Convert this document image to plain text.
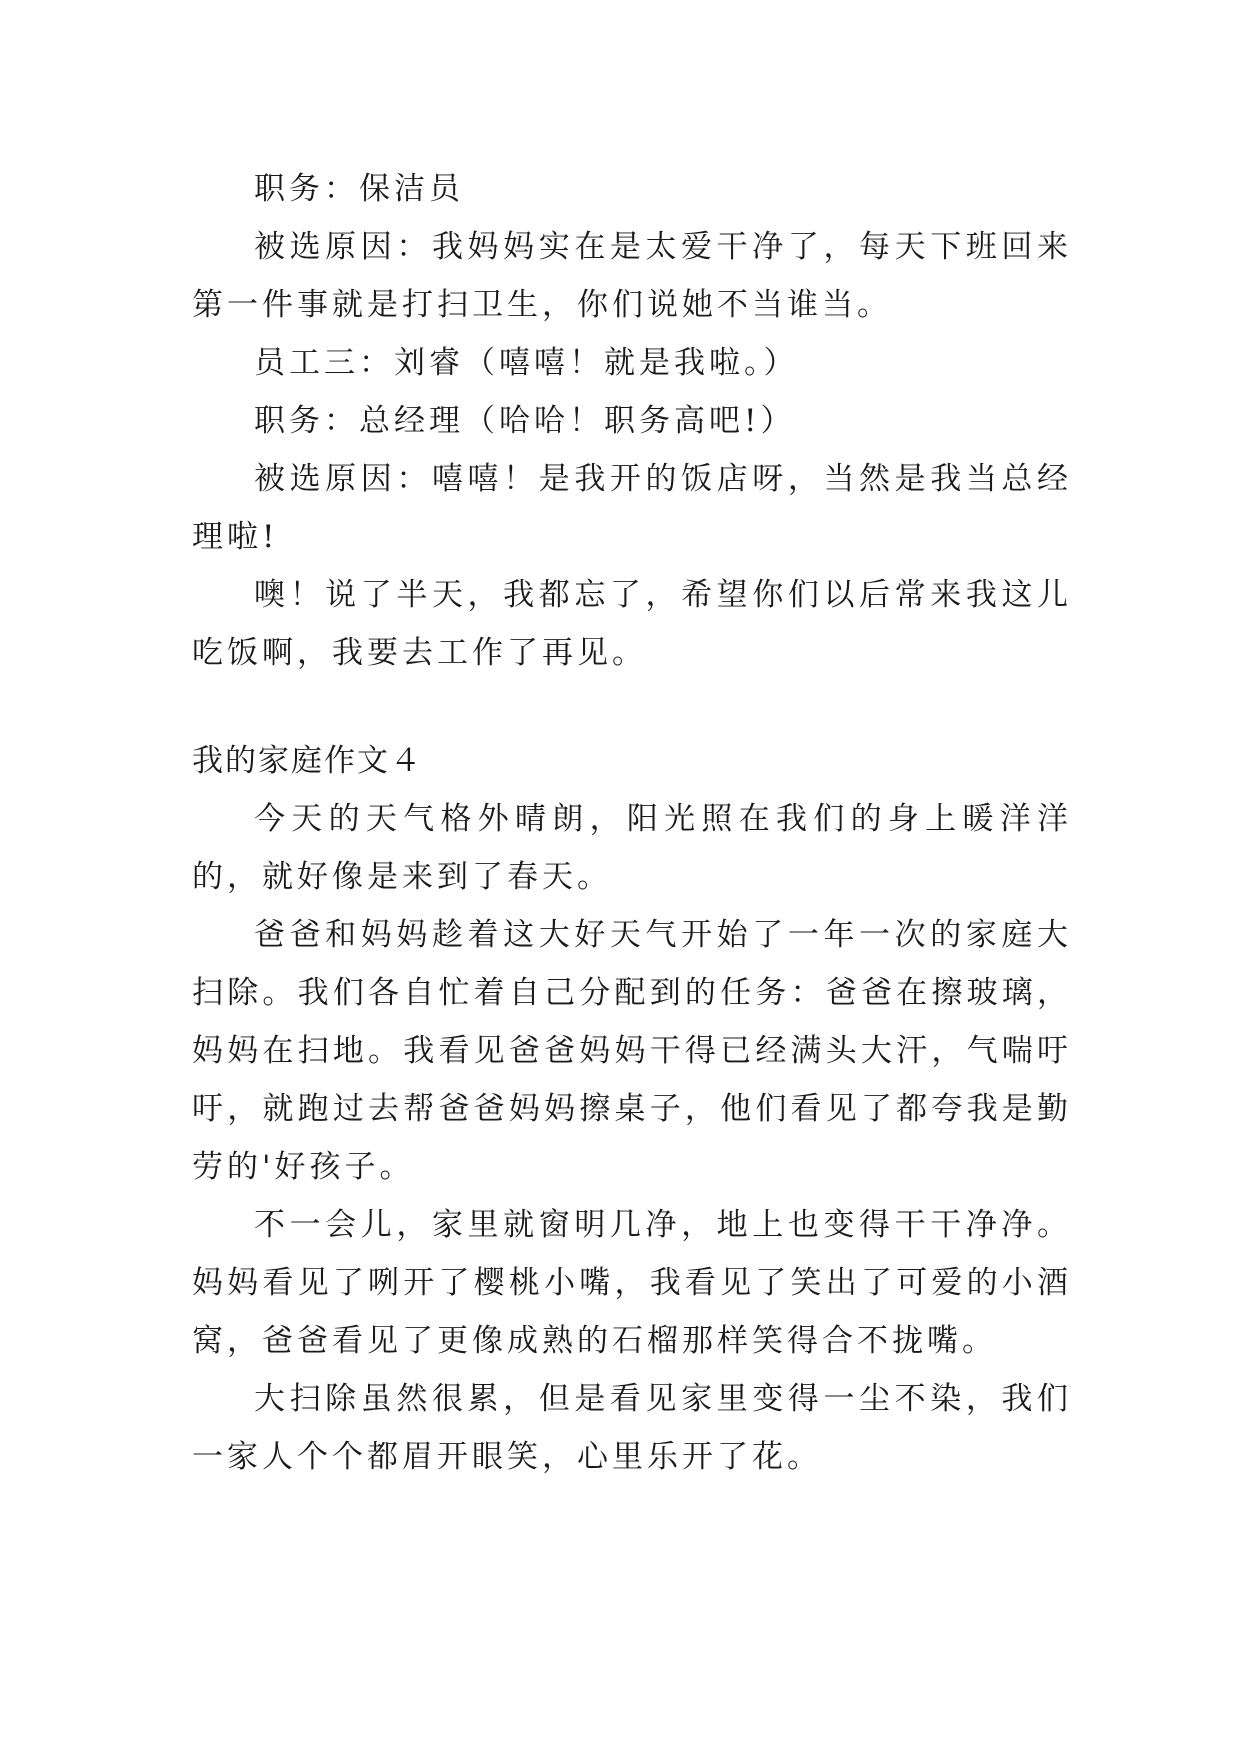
职务：保洁员

被选原因：我妈妈实在是太爱干净了，每天下班回来第一件事就是打扫卫生，你们说她不当谁当。

员工三：刘睿（嘻嘻！就是我啦。）

职务：总经理（哈哈！职务高吧!）

被选原因：嘻嘻！是我开的饭店呀，当然是我当总经理啦!

噢！说了半天，我都忘了，希望你们以后常来我这儿吃饭啊，我要去工作了再见。

我的家庭作文４

今天的天气格外晴朗，阳光照在我们的身上暖洋洋的，就好像是来到了春天。

爸爸和妈妈趁着这大好天气开始了一年一次的家庭大扫除。我们各自忙着自己分配到的任务：爸爸在擦玻璃，妈妈在扫地。我看见爸爸妈妈干得已经满头大汗，气喘吁吁，就跑过去帮爸爸妈妈擦桌子，他们看见了都夸我是勤劳的'好孩子。

不一会儿，家里就窗明几净，地上也变得干干净净。妈妈看见了咧开了樱桃小嘴，我看见了笑出了可爱的小酒窝，爸爸看见了更像成熟的石榴那样笑得合不拢嘴。

大扫除虽然很累，但是看见家里变得一尘不染，我们一家人个个都眉开眼笑，心里乐开了花。
